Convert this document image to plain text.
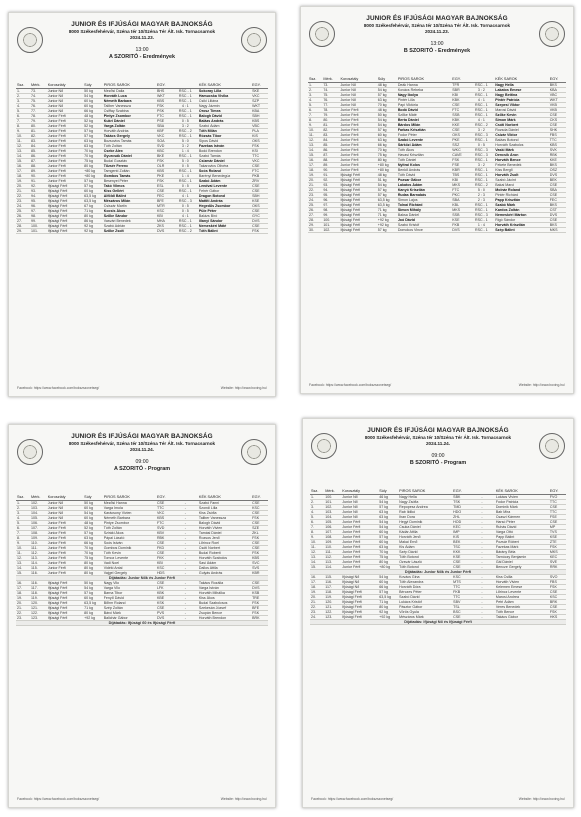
JUNIOR ÉS IFJÚSÁGI MAGYAR BAJNOKSÁG
8000 Székesfehérvár, Széna tér 10/Széna Tér Ált. Isk. Tornacsarnok
2024.11.23.
13:00
A SZORITÓ - Eredmények
Ssz.	Mérk.	Korosztály	Súly	PIROS SAROK	EGY.		KÉK SAROK	EGY.
1.	73.	Junior Nő	50 kg	Mezősi Dalia	BHS	RSC - 1	Sokoray Lilla	SKE
2.	74.	Junior Nő	54 kg	Horváth Luca	WKT	RSC - 1	Hamucska Vivika	VKC
3.	75.	Junior Nő	60 kg	Németh Barbara	KBS	RSC - 1	Csiki Liliána	SZP
4.	76.	Junior Nő	60 kg	Taliber Vanessza	FSK	4 : 1	Nagy Jázmin	WKT
5.	77.	Junior Nő	66 kg	Csiffay Szabina	PSK	RSC - 1	Orosz Tímea	KBA
6.	78.	Junior Férfi	48 kg	Pintye Zsombor	FTC	RSC - 1	Balogh Dávid	SBH
7.	79.	Junior Férfi	52 kg	Kukri Dániel	PSE	0 : 5	Balázs András	KBS
8.	80.	Junior Férfi	52 kg	Varga Zoltán	SBA	3 : 2	Szabó Ádám	VBC
9.	81.	Junior Férfi	57 kg	Horváth András	KBF	RSC - 2	Tóth Milán	PLA
10.	82.	Junior Férfi	57 kg	Takács Gergely	VKC	RSC - 1	Rózsás Tibor	KIS
11.	83.	Junior Férfi	63 kg	Bozsovics Tamás	SOA	5 : 0	Sipos Dávid	OKS
12.	84.	Junior Férfi	63 kg	Tóth Zoltán	SVD	3 : 2	Fazekas István	FSK
13.	85.	Junior Férfi	70 kg	Cseke Alex	KBC	1 : 4	Bodó Brendon	KSI
14.	86.	Junior Férfi	70 kg	Gyurcsák Dániel	BKE	RSC - 1	Szabó Tamás	TTC
15.	87.	Junior Férfi	75 kg	Budai Gusztáv	FSK	5 : 0	Csizmár Dániel	VKC
16.	88.	Junior Férfi	80 kg	Tőzsér Ferenc	OLR	0 : 5	Takarovics Olivéra	CSE
17.	89.	Junior Férfi	+80 kg	Tamgentí Zoltán	KBS	RSC - 1	Soós Roland	FTC
18.	90.	Junior Férfi	+80 kg	Gombos Tamás	PKE	1 : 4	Barényi Benedegúz	PKB
19.	91.	Junior Férfi	57 kg	Besenyei Péter	FSK	RSC - 1	Szabó Ádám	ZRV
20.	92.	Ifjúsági Férfi	57 kg	Takó Vilmos	ESL	0 : 5	Lendvai Levente	CSE
21.	93.	Ifjúsági Férfi	60 kg	Kiss Gellért	CSE	RSC - 1	Fehér Gábor	CSE
22.	94.	Ifjúsági Férfi	63,5 kg	Alföldi Bálint	FEC	4 : 1	Dragon Botond	SBH
23.	95.	Ifjúsági Férfi	63,5 kg	Mészáros Milán	BFE	RSC - 3	Mattiti András	KSE
24.	96.	Ifjúsági Férfi	67 kg	Csiszár Martin	MTR	0 : 5	Hegedűs Zsombor	OKS
25.	97.	Ifjúsági Férfi	71 kg	Kocsis Ákos	KSC	0 : 5	Püle Péter	CSE
26.	98.	Ifjúsági Férfi	80 kg	Szőke Sándor	KBI	4 : 1	Balázs Bíró	GYC
27.	99.	Ifjúsági Férfi	86 kg	Vasvári Benedek	MHA	RSC - 1	Illanyi Sándor	DVS
28.	100.	Ifjúsági Férfi	92 kg	Szabó Adrián	ZKS	RSC - 1	Nemeskéri Máté	CSE
29.	101.	Ifjúsági Férfi	92 kg	Szőke Zsolt	DVS	RSC - 2	Tóth Bálint	FSK
Facebook: https://www.facebook.com/bokszszovetseg/	Website: http://www.boxing.hu/
JUNIOR ÉS IFJÚSÁGI MAGYAR BAJNOKSÁG
8000 Székesfehérvár, Széna tér 10/Széna Tér Ált. Isk. Tornacsarnok
2024.11.23.
13:00
B SZORITÓ - Eredmények
Ssz.	Mérk.	Korosztály	Súly	PIROS SAROK	EGY.		KÉK SAROK	EGY.
1.	73.	Junior Nő	48 kg	Deák Hanna	TFR	RSC - 1	Nagy Hella	BKS
2.	74.	Junior Nő	54 kg	Kovács Rebeka	SBR	3 : 2	Lakatos Emese	KBA
3.	75.	Junior Nő	57 kg	Nagy Ibolya	KBI	RSC - 1	Nagy Bettina	VBC
4.	76.	Junior Nő	63 kg	Pintér Lilla	KBK	4 : 1	Pintér Patrícia	WKT
5.	77.	Junior Nő	70 kg	Papi Viktória	CSE	RSC - 1	Szepesi Viktor	VKB
6.	78.	Junior Férfi	48 kg	Bodó Dávid	FTC	RSC - 1	Marosi Dávid	VKB
7.	79.	Junior Férfi	50 kg	Szőke Máté	SSB	RSC - 1	Szőke Kevin	CSE
8.	80.	Junior Férfi	54 kg	Berta Dániel	KBK	4 : 1	Simon Márk	CKS
9.	81.	Junior Férfi	54 kg	Bárdos Milán	KKE	RSC - 2	Csóti Norbert	CSE
10.	82.	Junior Férfi	57 kg	Farkas Krisztián	CSE	3 : 2	Rozsda Dániel	SHK
11.	83.	Junior Férfi	60 kg	Fodor Péter	OKS	RSC - 3	Csizár Viktor	FBS
12.	84.	Junior Férfi	63 kg	Szabó Levente	PKE	RSC - 1	Balázs Botond	TTC
13.	85.	Junior Férfi	66 kg	Sárközi Ádám	SSZ	0 : 5	Horváth Szabolcs	KBS
14.	86.	Junior Férfi	70 kg	Tóth Ákos	WKC	RSC - 3	Vaski Márk	SVK
15.	87.	Junior Férfi	75 kg	Havasi Krisztián	CAVE	RSC - 3	Dencsik Áron	RBK
16.	88.	Junior Férfi	80 kg	Tóth Dániel	FSK	RSC - 1	Horváth Bence	KKE
17.	89.	Junior Férfi	+80 kg	Nyitrai Kolos	FSE	3 : 2	Fekete Benedek	BKS
18.	90.	Junior Férfi	+80 kg	Benkő András	KBR	RSC - 1	Kiss Bergő	OSZ
19.	91.	Ifjúsági Férfi	48 kg	Tóth Dávid	TBS	RSC - 1	Horváth Zsolt	DVS
20.	92.	Ifjúsági Férfi	51 kg	Pozsar Gábor	KBI	RSC - 1	Szabó Jácint	BEK
21.	93.	Ifjúsági Férfi	54 kg	Lakatos Ádám	MKS	RSC - 2	Bakai Marci	CSE
22.	94.	Ifjúsági Férfi	57 kg	Kanyó Krisztián	FTC	5 : 0	Molnár Roland	SBA
23.	95.	Ifjúsági Férfi	57 kg	Rudas Barnabás	PKC	2 : 3	Pintér Richárd	CSE
24.	96.	Ifjúsági Férfi	63,5 kg	Simon Lajos	SBA	2 : 3	Papp Krisztián	FEC
25.	97.	Ifjúsági Férfi	63,5 kg	Tolnai Richárd	KBL	RSC - 1	Szabó Márk	BKS
26.	98.	Ifjúsági Férfi	71 kg	Simon Mihály	MKS	RSC - 1	Kardos Zoltán	CST
27.	99.	Ifjúsági Férfi	71 kg	Baksa Dániel	SSB	RSC - 3	Nemeskéri Márton	DVS
28.	100.	Ifjúsági Férfi	+92 kg	Joó Dávid	KSE	RSC - 1	Rigó Sándor	CSE
29.	101.	Ifjúsági Férfi	+92 kg	Szabó Kristóf	FKB	1 : 4	Horváth Krisztián	BKS
30.	102.	Ifjúsági Férfi	57 kg	Domokos Vince	DVS	RSC - 1	Szép Bálint	MKS
Facebook: https://www.facebook.com/bokszszovetseg/	Website: http://www.boxing.hu/
JUNIOR ÉS IFJÚSÁGI MAGYAR BAJNOKSÁG
8000 Székesfehérvár, Széna tér 10/Széna Tér Ált. Isk. Tornacsarnok
2024.11.24.
09:00
A SZORITÓ - Program
Ssz.	Mérk.	Korosztály	Súly	PIROS SAROK	EGY.		KÉK SAROK	EGY.
1.	102.	Junior Nő	50 kg	Mezősi Hanna	CSE	-	Szabó Fanni	CSE
2.	103.	Junior Nő	60 kg	Varga Imola	TTC	-	Szondi Lilla	KSC
3.	104.	Junior Nő	54 kg	Karácsony Vivien	VKC	-	Kiss Zsófia	CSE
4.	105.	Junior Nő	60 kg	Németh Barbara	KBS	-	Taliber Vanessza	FSK
5.	106.	Junior Férfi	48 kg	Pintye Zsombor	FTC	-	Balogh Dávid	CSE
6.	107.	Junior Férfi	52 kg	Tóth Zoltán	SVD	-	Horváth Vivien	SZE
7.	108.	Junior Férfi	57 kg	Sziráki Ákos	KBV	-	Tamási Dániel	ZKL
8.	109.	Junior Férfi	63 kg	Pápai László	RBK	-	Rozsos Jenő	FSK
9.	110.	Junior Férfi	66 kg	Soós István	CSE	-	Lőrincz Roel	CSE
10.	111.	Junior Férfi	70 kg	Gombos Dominik	FKD	-	Csóti Norbert	CSE
11.	112.	Junior Férfi	70 kg	Tóth Kevin	CSE	-	Budai Roberti	FSK
12.	113.	Junior Férfi	75 kg	Tomoz Levente	FKK	-	Horváth Szabolcs	KBS
13.	114.	Junior Férfi	80 kg	Vadi Noel	KBI	-	Sasi Ádám	SVC
14.	115.	Junior Férfi	80 kg	Vidéki Antal	KSC	-	Dallos Attila	SVS
15.	116.	Junior Férfi	80 kg	Vajgel Gergely	HDS	-	Gulyás András	KBR
Díjátadás: Junior Nők és Junior Férfi								
16.	116.	Ifjúsági Férfi	50 kg	Nagy Vilo	CSE	-	Takács Rozália	CSE
17.	117.	Ifjúsági Férfi	54 kg	Varga Vilo	LFK	-	Varga István	DVS
18.	118.	Ifjúsági Férfi	57 kg	Barna Tibor	KBK	-	Horváth Mihálka	KSB
19.	119.	Ifjúsági Férfi	60 kg	Fenyő Dávid	KBE	-	Kiss Ákos	TRE
20.	120.	Ifjúsági Férfi	63,5 kg	Bőhm Roland	KSK	-	Budai Szabolcsos	FSK
21.	121.	Ifjúsági Férfi	71 kg	Szép Zoltán	CSE	-	Szekesán József	BFE
22.	122.	Ifjúsági Férfi	80 kg	Bárci Márk	PVS	-	Zsupán Bence	FSK
23.	123.	Ifjúsági Férfi	+92 kg	Balichár Gábor	DVS	-	Horváth Brendon	BRK
Díjátadás: Ifjúsági 60 és Ifjúsági Férfi								
Facebook: https://www.facebook.com/bokszszovetseg/	Website: http://www.boxing.hu/
JUNIOR ÉS IFJÚSÁGI MAGYAR BAJNOKSÁG
8000 Székesfehérvár, Széna tér 10/Széna Tér Ált. Isk. Tornacsarnok
2024.11.24.
09:00
B SZORITÓ - Program
Ssz.	Mérk.	Korosztály	Súly	PIROS SAROK	EGY.		KÉK SAROK	EGY.
1.	100.	Junior Nő	46 kg	Nagy Hella	SBK	-	Lukács Vivien	FVO
2.	101.	Junior Nő	54 kg	Nagy Zsófia	TSK	-	Fodor Patricia	TTC
3.	102.	Junior Nő	57 kg	Repopesz Andrea	TMD	-	Dominik Márk	CSE
4.	103.	Junior Nő	63 kg	Rab Ildikó	HDO	-	Bab Mira	TTC
5.	104.	Junior Nő	63 kg	Ihan Dora	ZHL	-	Csaszi Kármen	FSE
6.	105.	Junior Férfi	54 kg	Hegyi Dominik	HOD	-	Harsó Péter	CSE
7.	106.	Junior Férfi	54 kg	Csuka Dániel	KEC	-	Ruhás Dávid	MP
8.	107.	Junior Férfi	60 kg	Kádár Attila	IMP	-	Varga Ottó	TVS
9.	108.	Junior Férfi	57 kg	Horváth Jenő	KIS	-	Papp Bálint	KSE
10.	109.	Junior Férfi	60 kg	Makai Ernő	BEK	-	Pozsár Róbert	ZTE
11.	110.	Junior Férfi	63 kg	Kis Ádám	TSC	-	Fazekas Márk	FSK
12.	111.	Junior Férfi	70 kg	Szép Dávid	KKK	-	Bárány Béla	MKS
13.	112.	Junior Férfi	75 kg	Tóth Botond	KSE	-	Tarnóczy Benjamin	KEC
14.	113.	Junior Férfi	80 kg	Ozsvár László	CSE	-	Gál Dániel	SVE
15.	114.	Junior Férfi	+80 kg	Tóth Botond	CSE	-	Bencze Gergely	RRK
Díjátadás: Junior Nők és Junior Férfi								
16.	115.	Ifjúsági Nő	54 kg	Kovács Gina	KSC	-	Kiss Csilla	SVO
17.	116.	Ifjúsági Nő	60 kg	Tóth Alexandra	MTS	-	Horváth Vivien	FBS
18.	117.	Ifjúsági Nő	66 kg	Horváth Dóra	TTC	-	Kelemen Emese	FSK
19.	118.	Ifjúsági Férfi	57 kg	Bérczes Péter	FKB	-	Lőrincz Levente	CSE
20.	119.	Ifjúsági Férfi	63,5 kg	Szabó Dávid	TTC	-	Marosi Andrea	KSC
21.	120.	Ifjúsági Férfi	71 kg	Lukács Kristóf	SBV	-	Petri Ádám	BRK
22.	121.	Ifjúsági Férfi	80 kg	Pásztor Gábor	TSL	-	Veres Benedek	CSE
23.	122.	Ifjúsági Férfi	92 kg	Vörös Gyula	BSC	-	Tóth Bence	FSK
24.	123.	Ifjúsági Férfi	+92 kg	Mészáros Márk	CSE	-	Takács Gábor	HKS
Díjátadás: Ifjúsági Nő és Ifjúsági Férfi								
Facebook: https://www.facebook.com/bokszszovetseg/	Website: http://www.boxing.hu/
